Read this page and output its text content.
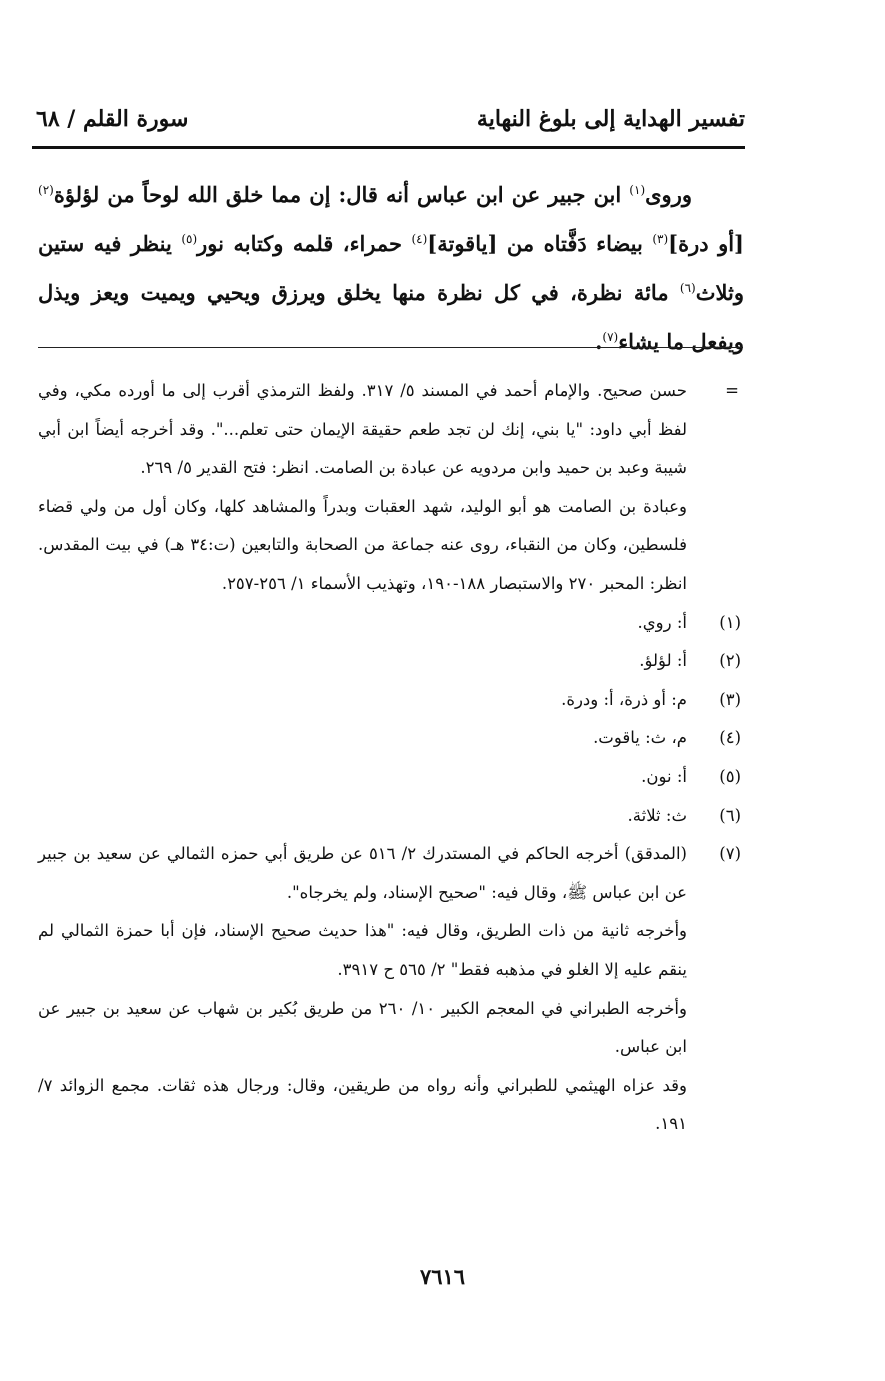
تفسير الهداية إلى بلوغ النهاية
سورة القلم / ٦٨
وروى$^{(١)}$ ابن جبير عن ابن عباس أنه قال: إن مما خلق الله لوحاً من لؤلؤة$^{(٢)}$[أو درة]$^{(٣)}$ بيضاء دَفَّتاه من [ياقوتة]$^{(٤)}$ حمراء، قلمه وكتابه نور$^{(٥)}$ ينظر فيه ستين وثلاث$^{(٦)}$ مائة نظرة، في كل نظرة منها يخلق ويرزق ويحيي ويميت ويعز ويذل ويفعل ما يشاء$^{(٧)}$.
=
حسن صحيح. والإمام أحمد في المسند ٥/ ٣١٧. ولفظ الترمذي أقرب إلى ما أورده مكي، وفي لفظ أبي داود: "يا بني، إنك لن تجد طعم حقيقة الإيمان حتى تعلم...". وقد أخرجه أيضاً ابن أبي شيبة وعبد بن حميد وابن مردويه عن عبادة بن الصامت. انظر: فتح القدير ٥/ ٢٦٩.
وعبادة بن الصامت هو أبو الوليد، شهد العقبات وبدراً والمشاهد كلها، وكان أول من ولي قضاء فلسطين، وكان من النقباء، روى عنه جماعة من الصحابة والتابعين (ت:٣٤ هـ) في بيت المقدس. انظر: المحبر ٢٧٠ والاستبصار ١٨٨-١٩٠، وتهذيب الأسماء ١/ ٢٥٦-٢٥٧.
(١)
أ: روي.
(٢)
أ: لؤلؤ.
(٣)
م: أو ذرة، أ: ودرة.
(٤)
م، ث: ياقوت.
(٥)
أ: نون.
(٦)
ث: ثلاثة.
(٧)
(المدقق) أخرجه الحاكم في المستدرك ٢/ ٥١٦ عن طريق أبي حمزه الثمالي عن سعيد بن جبير عن ابن عباس ﷺ، وقال فيه: "صحيح الإسناد، ولم يخرجاه".
وأخرجه ثانية من ذات الطريق، وقال فيه: "هذا حديث صحيح الإسناد، فإن أبا حمزة الثمالي لم ينقم عليه إلا الغلو في مذهبه فقط" ٢/ ٥٦٥ ح ٣٩١٧.
وأخرجه الطبراني في المعجم الكبير ١٠/ ٢٦٠ من طريق بُكير بن شهاب عن سعيد بن جبير عن ابن عباس.
وقد عزاه الهيثمي للطبراني وأنه رواه من طريقين، وقال: ورجال هذه ثقات. مجمع الزوائد ٧/ ١٩١.
٧٦١٦
